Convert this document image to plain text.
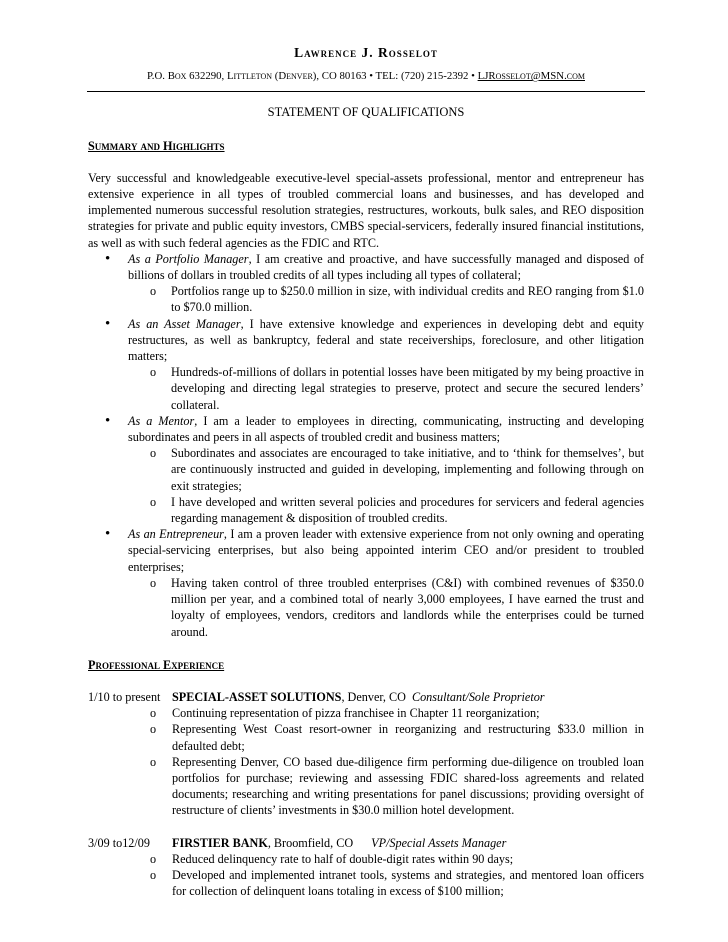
Lawrence J. Rosselot
P.O. Box 632290, Littleton (Denver), CO 80163 • TEL: (720) 215-2392 • LJRosselot@MSN.com
STATEMENT OF QUALIFICATIONS
Summary and Highlights
Very successful and knowledgeable executive-level special-assets professional, mentor and entrepreneur has extensive experience in all types of troubled commercial loans and businesses, and has developed and implemented numerous successful resolution strategies, restructures, workouts, bulk sales, and REO disposition strategies for private and public equity investors, CMBS special-servicers, federally insured financial institutions, as well as with such federal agencies as the FDIC and RTC.
• As a Portfolio Manager, I am creative and proactive, and have successfully managed and disposed of billions of dollars in troubled credits of all types including all types of collateral;
o Portfolios range up to $250.0 million in size, with individual credits and REO ranging from $1.0 to $70.0 million.
• As an Asset Manager, I have extensive knowledge and experiences in developing debt and equity restructures, as well as bankruptcy, federal and state receiverships, foreclosure, and other litigation matters;
o Hundreds-of-millions of dollars in potential losses have been mitigated by my being proactive in developing and directing legal strategies to preserve, protect and secure the secured lenders’ collateral.
• As a Mentor, I am a leader to employees in directing, communicating, instructing and developing subordinates and peers in all aspects of troubled credit and business matters;
o Subordinates and associates are encouraged to take initiative, and to ‘think for themselves’, but are continuously instructed and guided in developing, implementing and following through on exit strategies;
o I have developed and written several policies and procedures for servicers and federal agencies regarding management & disposition of troubled credits.
• As an Entrepreneur, I am a proven leader with extensive experience from not only owning and operating special-servicing enterprises, but also being appointed interim CEO and/or president to troubled enterprises;
o Having taken control of three troubled enterprises (C&I) with combined revenues of $350.0 million per year, and a combined total of nearly 3,000 employees, I have earned the trust and loyalty of employees, vendors, creditors and landlords while the enterprises could be turned around.
Professional Experience
1/10 to present SPECIAL-ASSET SOLUTIONS, Denver, CO Consultant/Sole Proprietor
o Continuing representation of pizza franchisee in Chapter 11 reorganization;
o Representing West Coast resort-owner in reorganizing and restructuring $33.0 million in defaulted debt;
o Representing Denver, CO based due-diligence firm performing due-diligence on troubled loan portfolios for purchase; reviewing and assessing FDIC shared-loss agreements and related documents; researching and writing presentations for panel discussions; providing oversight of restructure of clients’ investments in $30.0 million hotel development.
3/09 to12/09	FIRSTIER BANK, Broomfield, CO VP/Special Assets Manager
o Reduced delinquency rate to half of double-digit rates within 90 days;
o Developed and implemented intranet tools, systems and strategies, and mentored loan officers for collection of delinquent loans totaling in excess of $100 million;
